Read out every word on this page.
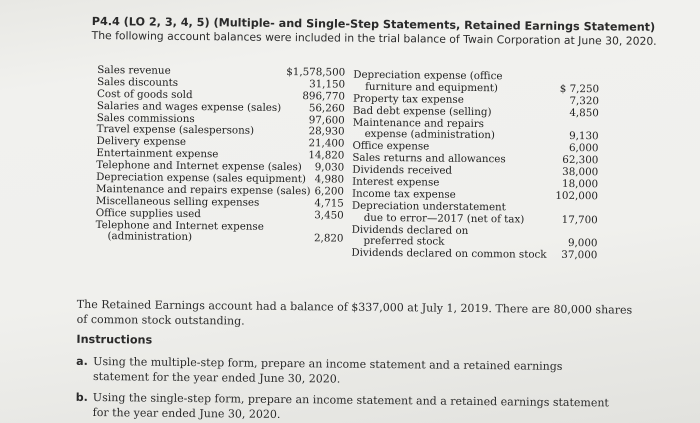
P4.4 (LO 2, 3, 4, 5) (Multiple- and Single-Step Statements, Retained Earnings Statement)
The following account balances were included in the trial balance of Twain Corporation at June 30, 2020.
Sales revenue	$1,578,500
Sales discounts	31,150
Cost of goods sold	896,770
Salaries and wages expense (sales)	56,260
Sales commissions	97,600
Travel expense (salespersons)	28,930
Delivery expense	21,400
Entertainment expense	14,820
Telephone and Internet expense (sales) 9,030
Depreciation expense (sales equipment) 4,980
Maintenance and repairs expense (sales) 6,200
Miscellaneous selling expenses	4,715
Office supplies used	3,450
Telephone and Internet expense
(administration)	2,820
Depreciation expense (office
furniture and equipment)	$ 7,250
Property tax expense	7,320
Bad debt expense (selling)	4,850
Maintenance and repairs
expense (administration)	9,130
Office expense	6,000
Sales returns and allowances	62,300
Dividends received	38,000
Interest expense	18,000
Income tax expense	102,000
Depreciation understatement
due to error—2017 (net of tax)	17,700
Dividends declared on
preferred stock	9,000
Dividends declared on common stock 37,000
The Retained Earnings account had a balance of $337,000 at July 1, 2019. There are 80,000 shares of common stock outstanding.
Instructions
a. Using the multiple-step form, prepare an income statement and a retained earnings statement for the year ended June 30, 2020.
b. Using the single-step form, prepare an income statement and a retained earnings statement for the year ended June 30, 2020.
